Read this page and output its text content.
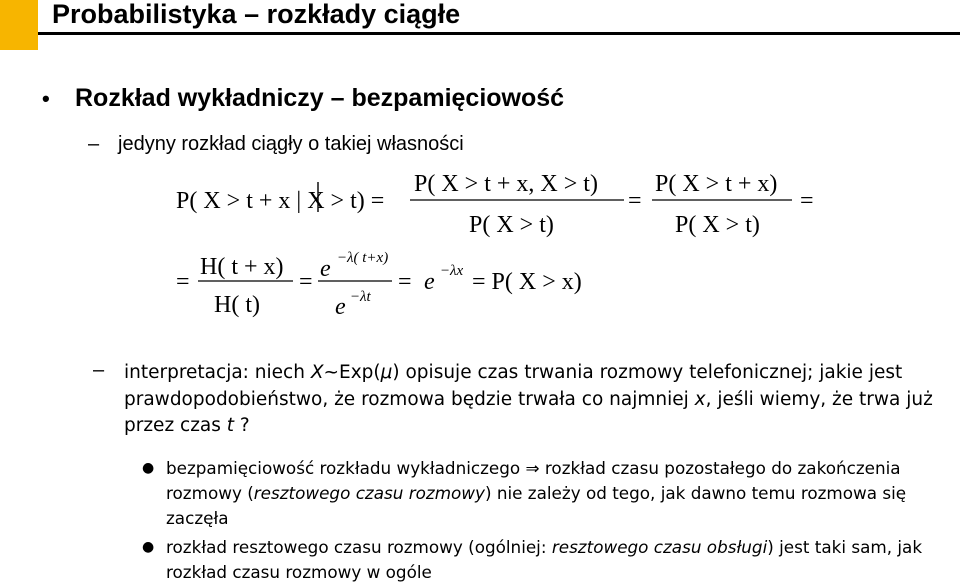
Probabilistyka – rozkłady ciągłe
• Rozkład wykładniczy – bezpamięciowość
– jedyny rozkład ciągły o takiej własności
P( X > t + x | X > t) =
P( X > t + x, X > t)
P( X > t)
=
P( X > t + x)
P( X > t)
=
=
H( t + x)
H( t)
= e − λ( t+x)
e − λt
= e − λx = P( X > x)
– interpretacja: niech X~Exp(μ) opisuje czas trwania rozmowy telefonicznej; jakie jest prawdopodobieństwo, że rozmowa będzie trwała co najmniej x, jeśli wiemy, że trwa już przez czas t ?
● bezpamięciowość rozkładu wykładniczego ⇒ rozkład czasu pozostałego do zakończenia rozmowy (resztowego czasu rozmowy) nie zależy od tego, jak dawno temu rozmowa się zaczęła
● rozkład resztowego czasu rozmowy (ogólniej: resztowego czasu obsługi) jest taki sam, jak rozkład czasu rozmowy w ogóle
